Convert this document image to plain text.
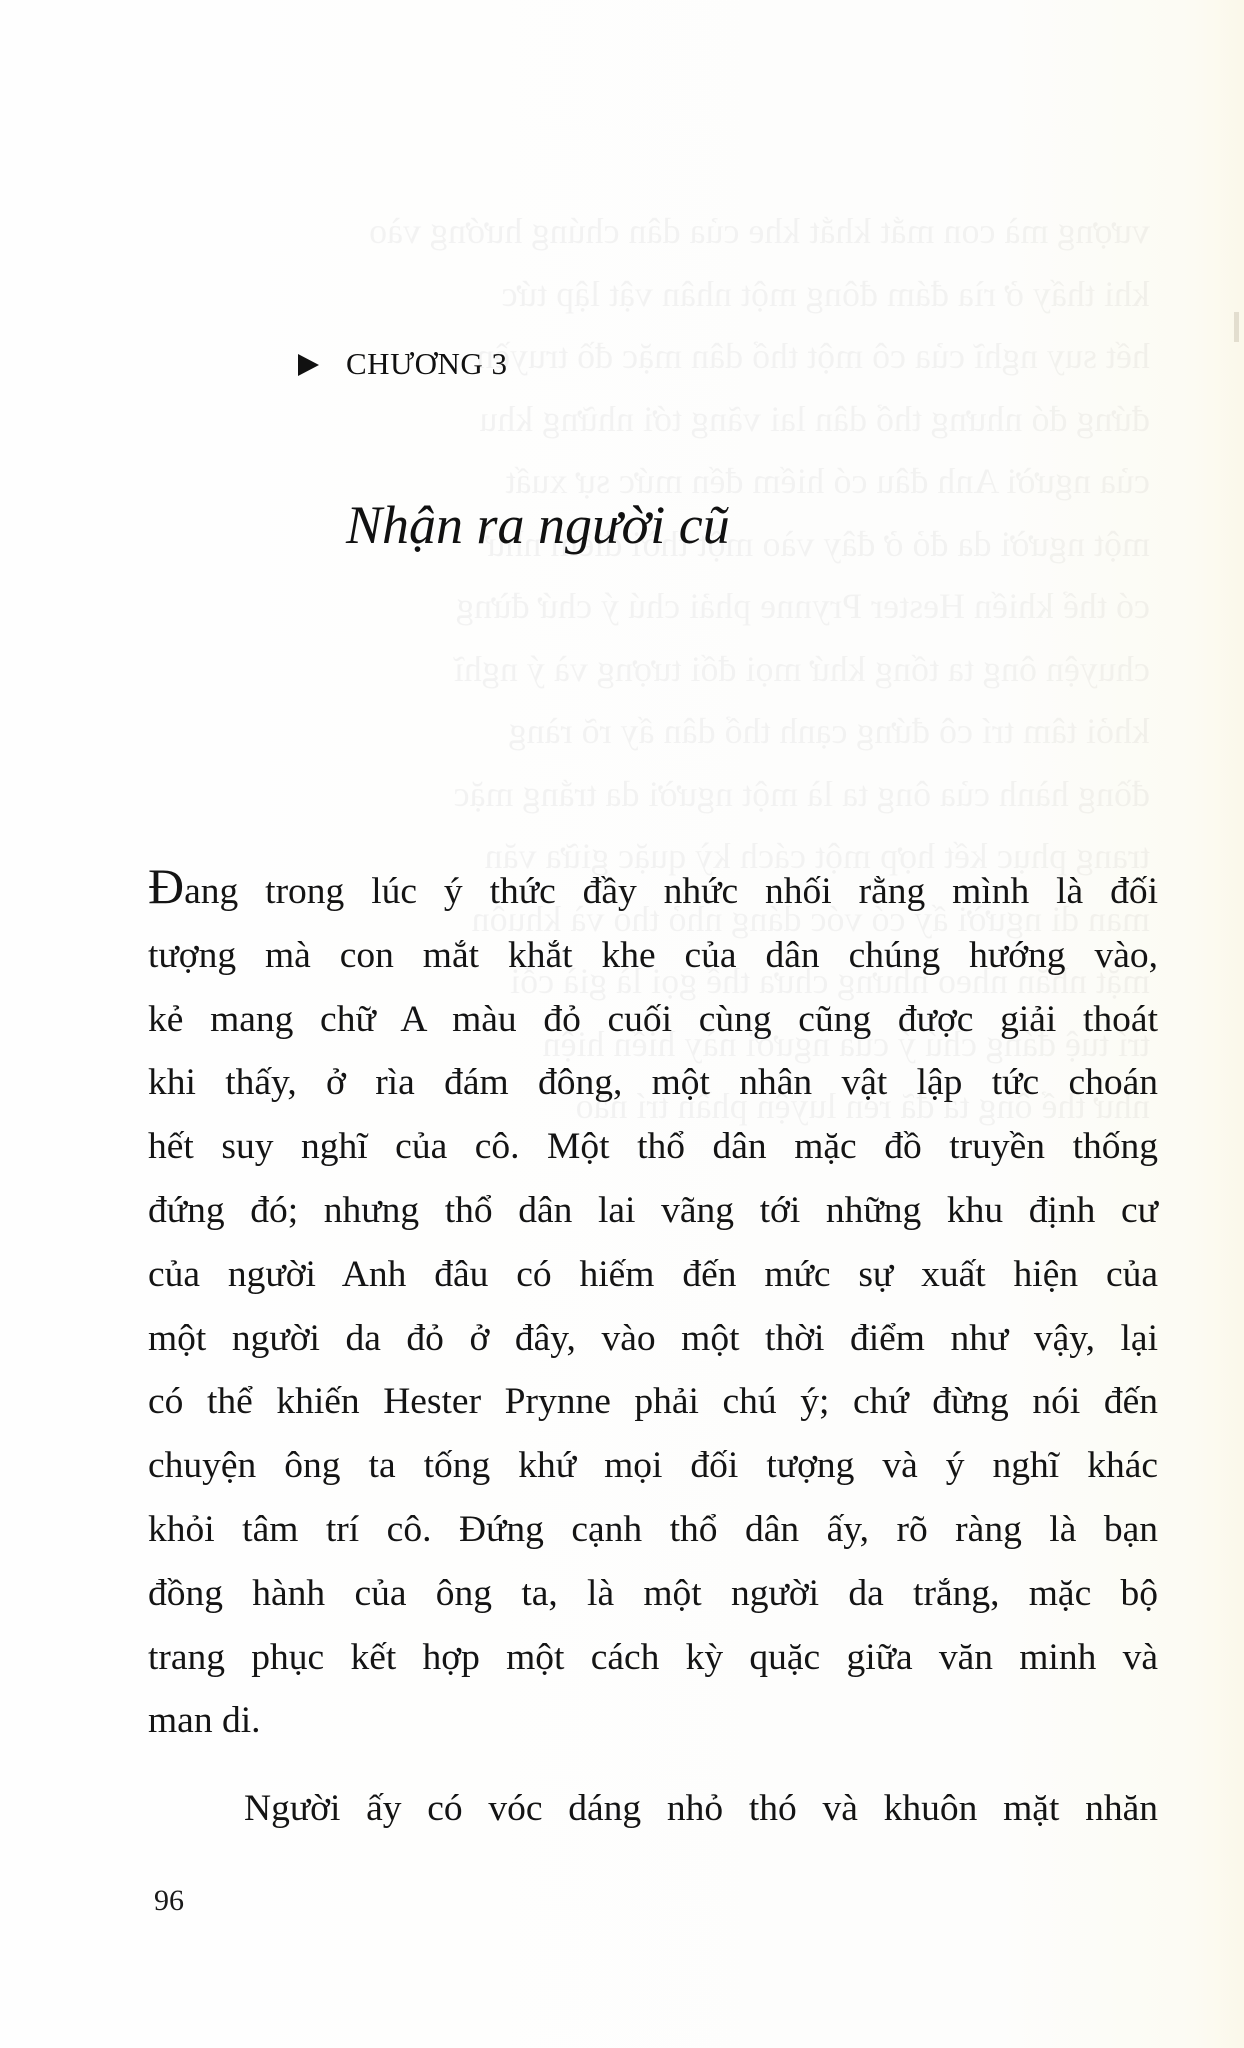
CHƯƠNG 3
Nhận ra người cũ
Đang trong lúc ý thức đầy nhức nhối rằng mình là đối
tượng mà con mắt khắt khe của dân chúng hướng vào,
kẻ mang chữ A màu đỏ cuối cùng cũng được giải thoát
khi thấy, ở rìa đám đông, một nhân vật lập tức choán
hết suy nghĩ của cô. Một thổ dân mặc đồ truyền thống
đứng đó; nhưng thổ dân lai vãng tới những khu định cư
của người Anh đâu có hiếm đến mức sự xuất hiện của
một người da đỏ ở đây, vào một thời điểm như vậy, lại
có thể khiến Hester Prynne phải chú ý; chứ đừng nói đến
chuyện ông ta tống khứ mọi đối tượng và ý nghĩ khác
khỏi tâm trí cô. Đứng cạnh thổ dân ấy, rõ ràng là bạn
đồng hành của ông ta, là một người da trắng, mặc bộ
trang phục kết hợp một cách kỳ quặc giữa văn minh và
man di.
Người ấy có vóc dáng nhỏ thó và khuôn mặt nhăn
96
